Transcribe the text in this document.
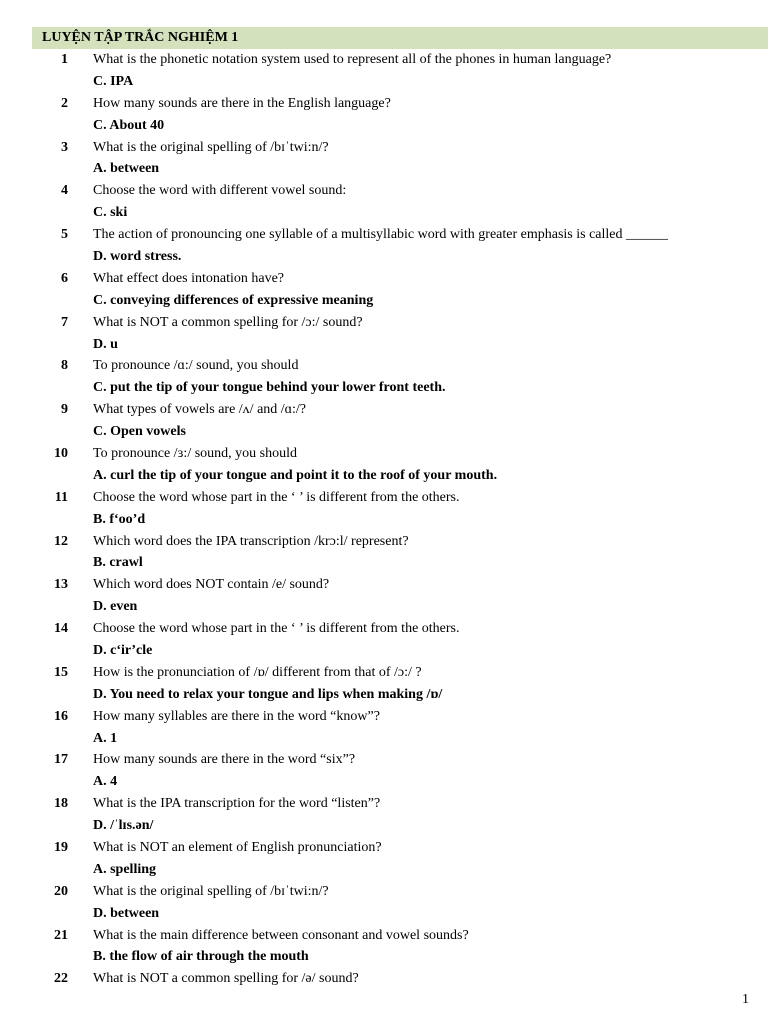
LUYỆN TẬP TRẮC NGHIỆM 1
1	What is the phonetic notation system used to represent all of the phones in human language?
C. IPA
2	How many sounds are there in the English language?
C. About 40
3	What is the original spelling of /bɪˈtwi:n/?
A. between
4	Choose the word with different vowel sound:
C. ski
5	The action of pronouncing one syllable of a multisyllabic word with greater emphasis is called ______
D. word stress.
6	What effect does intonation have?
C. conveying differences of expressive meaning
7	What is NOT a common spelling for /ɔ:/ sound?
D. u
8	To pronounce /ɑ:/ sound, you should
C. put the tip of your tongue behind your lower front teeth.
9	What types of vowels are /ʌ/ and /ɑ:/?
C. Open vowels
10	To pronounce /ɜ:/ sound, you should
A. curl the tip of your tongue and point it to the roof of your mouth.
11	Choose the word whose part in the ‘ ’ is different from the others.
B. f‘oo’d
12	Which word does the IPA transcription /krɔ:l/ represent?
B. crawl
13	Which word does NOT contain /e/ sound?
D. even
14	Choose the word whose part in the ‘ ’ is different from the others.
D. c‘ir’cle
15	How is the pronunciation of /ɒ/ different from that of /ɔ:/ ?
D. You need to relax your tongue and lips when making /ɒ/
16	How many syllables are there in the word “know”?
A. 1
17	How many sounds are there in the word “six”?
A. 4
18	What is the IPA transcription for the word “listen”?
D. /ˈlɪs.ən/
19	What is NOT an element of English pronunciation?
A. spelling
20	What is the original spelling of /bɪˈtwi:n/?
D. between
21	What is the main difference between consonant and vowel sounds?
B. the flow of air through the mouth
22	What is NOT a common spelling for /ə/ sound?
1
